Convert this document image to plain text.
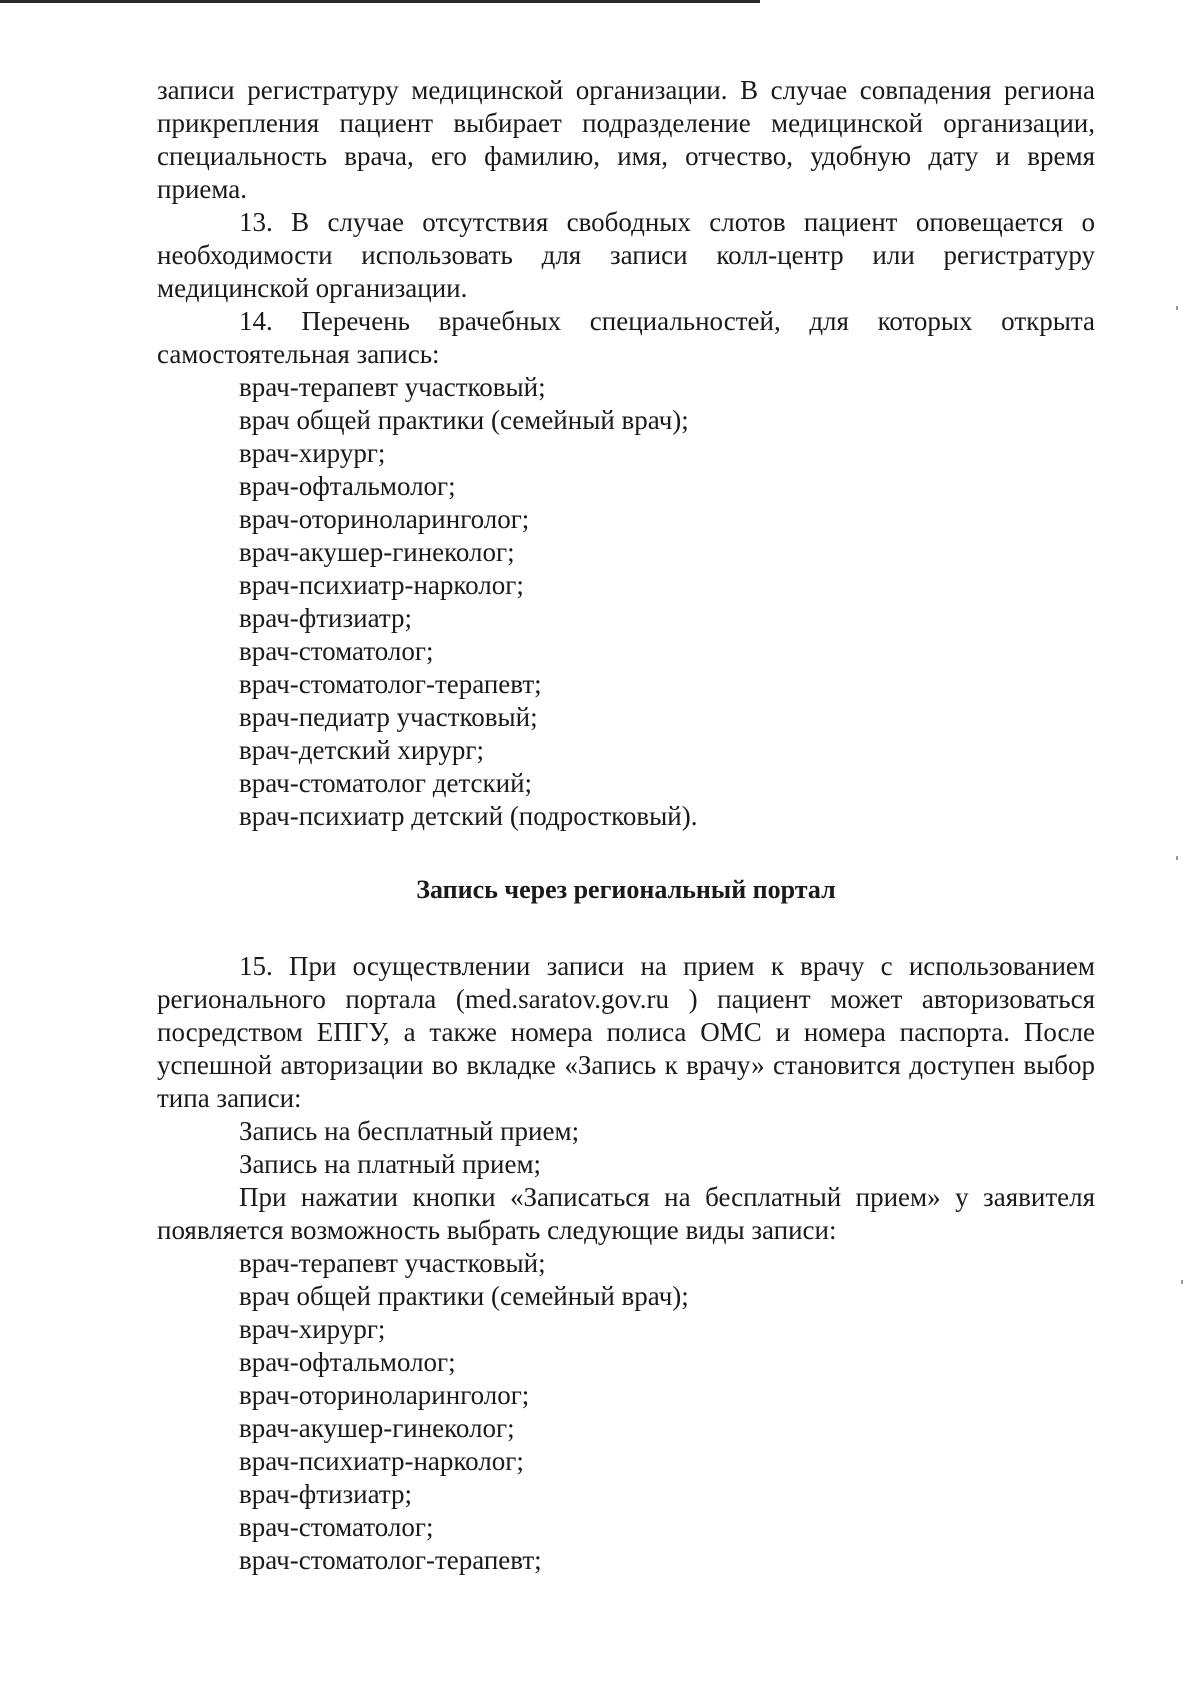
записи регистратуру медицинской организации. В случае совпадения региона прикрепления пациент выбирает подразделение медицинской организации, специальность врача, его фамилию, имя, отчество, удобную дату и время приема.

13. В случае отсутствия свободных слотов пациент оповещается о необходимости использовать для записи колл-центр или регистратуру медицинской организации.

14. Перечень врачебных специальностей, для которых открыта самостоятельная запись:

врач-терапевт участковый;
врач общей практики (семейный врач);
врач-хирург;
врач-офтальмолог;
врач-оториноларинголог;
врач-акушер-гинеколог;
врач-психиатр-нарколог;
врач-фтизиатр;
врач-стоматолог;
врач-стоматолог-терапевт;
врач-педиатр участковый;
врач-детский хирург;
врач-стоматолог детский;
врач-психиатр детский (подростковый).
Запись через региональный портал

15. При осуществлении записи на прием к врачу с использованием регионального портала (med.saratov.gov.ru ) пациент может авторизоваться посредством ЕПГУ, а также номера полиса ОМС и номера паспорта. После успешной авторизации во вкладке «Запись к врачу» становится доступен выбор типа записи:

Запись на бесплатный прием;
Запись на платный прием;

При нажатии кнопки «Записаться на бесплатный прием» у заявителя появляется возможность выбрать следующие виды записи:

врач-терапевт участковый;
врач общей практики (семейный врач);
врач-хирург;
врач-офтальмолог;
врач-оториноларинголог;
врач-акушер-гинеколог;
врач-психиатр-нарколог;
врач-фтизиатр;
врач-стоматолог;
врач-стоматолог-терапевт;
